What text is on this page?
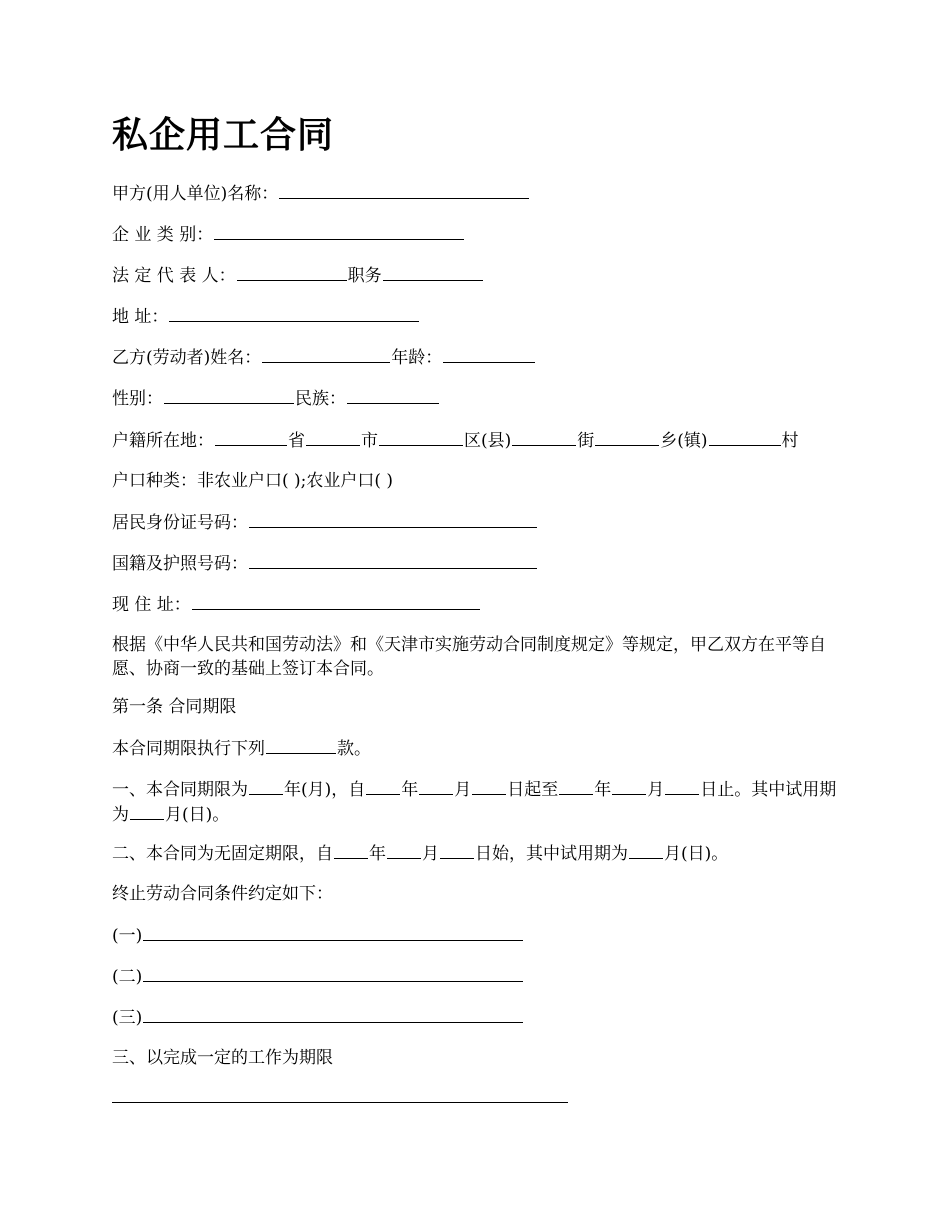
私企用工合同
甲方(用人单位)名称：
企 业 类 别：
法 定 代 表 人：	职务
地 址：
乙方(劳动者)姓名：	年龄：
性别：	民族：
户籍所在地：	省	市	区(县)	街	乡(镇)	村
户口种类：非农业户口( );农业户口( )
居民身份证号码：
国籍及护照号码：
现 住 址：
根据《中华人民共和国劳动法》和《天津市实施劳动合同制度规定》等规定，甲乙双方在平等自愿、协商一致的基础上签订本合同。
第一条 合同期限
本合同期限执行下列	款。
一、本合同期限为 年(月)，自 年 月 日起至 年 月 日止。其中试用期为 月(日)。
二、本合同为无固定期限，自 年 月 日始，其中试用期为 月(日)。
终止劳动合同条件约定如下：
(一)
(二)
(三)
三、以完成一定的工作为期限
